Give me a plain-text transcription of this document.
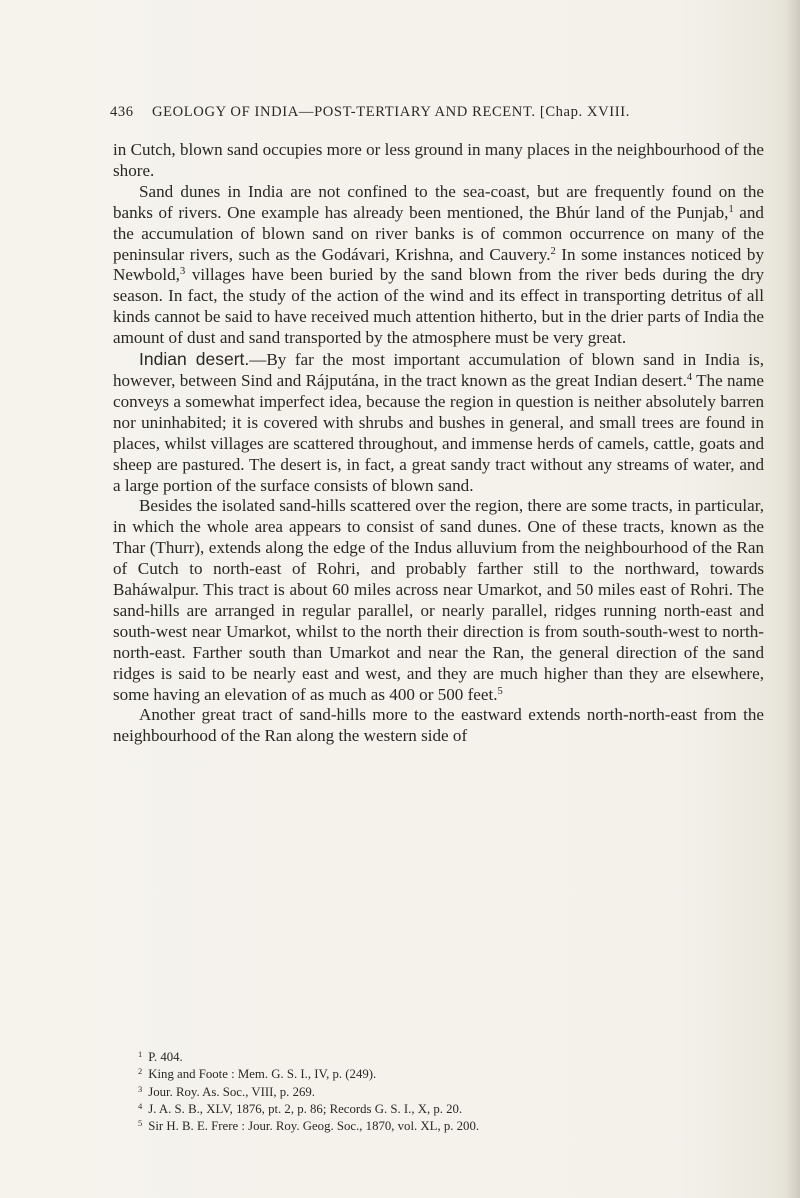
436 GEOLOGY OF INDIA—POST-TERTIARY AND RECENT. [Chap. XVIII.

in Cutch, blown sand occupies more or less ground in many places in the neighbourhood of the shore.

Sand dunes in India are not confined to the sea-coast, but are frequently found on the banks of rivers. One example has already been mentioned, the Bhúr land of the Punjab,$^1$ and the accumulation of blown sand on river banks is of common occurrence on many of the peninsular rivers, such as the Godávari, Krishna, and Cauvery.$^2$ In some instances noticed by Newbold,$^3$ villages have been buried by the sand blown from the river beds during the dry season. In fact, the study of the action of the wind and its effect in transporting detritus of all kinds cannot be said to have received much attention hitherto, but in the drier parts of India the amount of dust and sand transported by the atmosphere must be very great.

Indian desert.—By far the most important accumulation of blown sand in India is, however, between Sind and Rájputána, in the tract known as the great Indian desert.$^4$ The name conveys a somewhat imperfect idea, because the region in question is neither absolutely barren nor uninhabited; it is covered with shrubs and bushes in general, and small trees are found in places, whilst villages are scattered throughout, and immense herds of camels, cattle, goats and sheep are pastured. The desert is, in fact, a great sandy tract without any streams of water, and a large portion of the surface consists of blown sand.

Besides the isolated sand-hills scattered over the region, there are some tracts, in particular, in which the whole area appears to consist of sand dunes. One of these tracts, known as the Thar (Thurr), extends along the edge of the Indus alluvium from the neighbourhood of the Ran of Cutch to north-east of Rohri, and probably farther still to the northward, towards Baháwalpur. This tract is about 60 miles across near Umarkot, and 50 miles east of Rohri. The sand-hills are arranged in regular parallel, or nearly parallel, ridges running north-east and south-west near Umarkot, whilst to the north their direction is from south-south-west to north-north-east. Farther south than Umarkot and near the Ran, the general direction of the sand ridges is said to be nearly east and west, and they are much higher than they are elsewhere, some having an elevation of as much as 400 or 500 feet.$^5$

Another great tract of sand-hills more to the eastward extends north-north-east from the neighbourhood of the Ran along the western side of

$^1$ P. 404.
$^2$ King and Foote : Mem. G. S. I., IV, p. (249).
$^3$ Jour. Roy. As. Soc., VIII, p. 269.
$^4$ J. A. S. B., XLV, 1876, pt. 2, p. 86; Records G. S. I., X, p. 20.
$^5$ Sir H. B. E. Frere : Jour. Roy. Geog. Soc., 1870, vol. XL, p. 200.
